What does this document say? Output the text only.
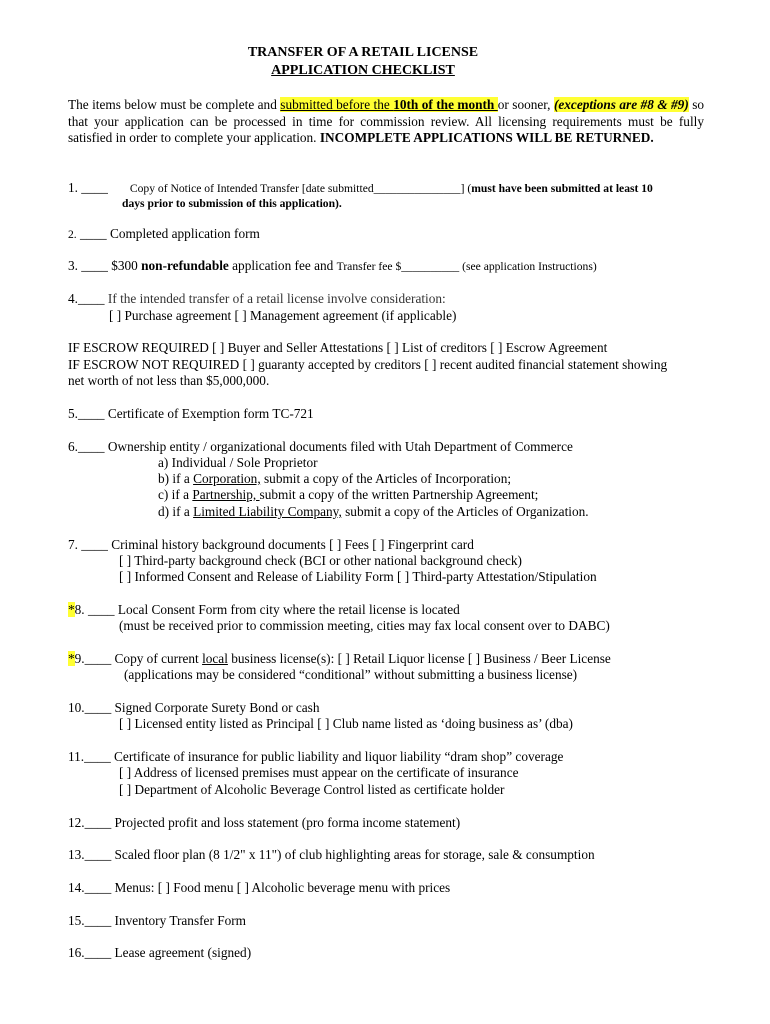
TRANSFER OF A RETAIL LICENSE
APPLICATION CHECKLIST
The items below must be complete and submitted before the 10th of the month or sooner, (exceptions are #8 & #9) so that your application can be processed in time for commission review. All licensing requirements must be fully satisfied in order to complete your application. INCOMPLETE APPLICATIONS WILL BE RETURNED.
1. ____ Copy of Notice of Intended Transfer [date submitted_______________] (must have been submitted at least 10
days prior to submission of this application).
2. ____ Completed application form
3. ____ $300 non-refundable application fee and Transfer fee $__________ (see application Instructions)
4.____ If the intended transfer of a retail license involve consideration:
[ ] Purchase agreement [ ] Management agreement (if applicable)
IF ESCROW REQUIRED [ ] Buyer and Seller Attestations [ ] List of creditors [ ] Escrow Agreement
IF ESCROW NOT REQUIRED [ ] guaranty accepted by creditors [ ] recent audited financial statement showing
net worth of not less than $5,000,000.
5.____ Certificate of Exemption form TC-721
6.____ Ownership entity / organizational documents filed with Utah Department of Commerce
a) Individual / Sole Proprietor
b) if a Corporation, submit a copy of the Articles of Incorporation;
c) if a Partnership, submit a copy of the written Partnership Agreement;
d) if a Limited Liability Company, submit a copy of the Articles of Organization.
7. ____ Criminal history background documents [ ] Fees [ ] Fingerprint card
[ ] Third-party background check (BCI or other national background check)
[ ] Informed Consent and Release of Liability Form [ ] Third-party Attestation/Stipulation
*8. ____ Local Consent Form from city where the retail license is located
(must be received prior to commission meeting, cities may fax local consent over to DABC)
*9.____ Copy of current local business license(s): [ ] Retail Liquor license [ ] Business / Beer License
(applications may be considered “conditional” without submitting a business license)
10.____ Signed Corporate Surety Bond or cash
[ ] Licensed entity listed as Principal [ ] Club name listed as ‘doing business as’ (dba)
11.____ Certificate of insurance for public liability and liquor liability “dram shop” coverage
[ ] Address of licensed premises must appear on the certificate of insurance
[ ] Department of Alcoholic Beverage Control listed as certificate holder
12.____ Projected profit and loss statement (pro forma income statement)
13.____ Scaled floor plan (8 1/2" x 11") of club highlighting areas for storage, sale & consumption
14.____ Menus: [ ] Food menu [ ] Alcoholic beverage menu with prices
15.____ Inventory Transfer Form
16.____ Lease agreement (signed)
